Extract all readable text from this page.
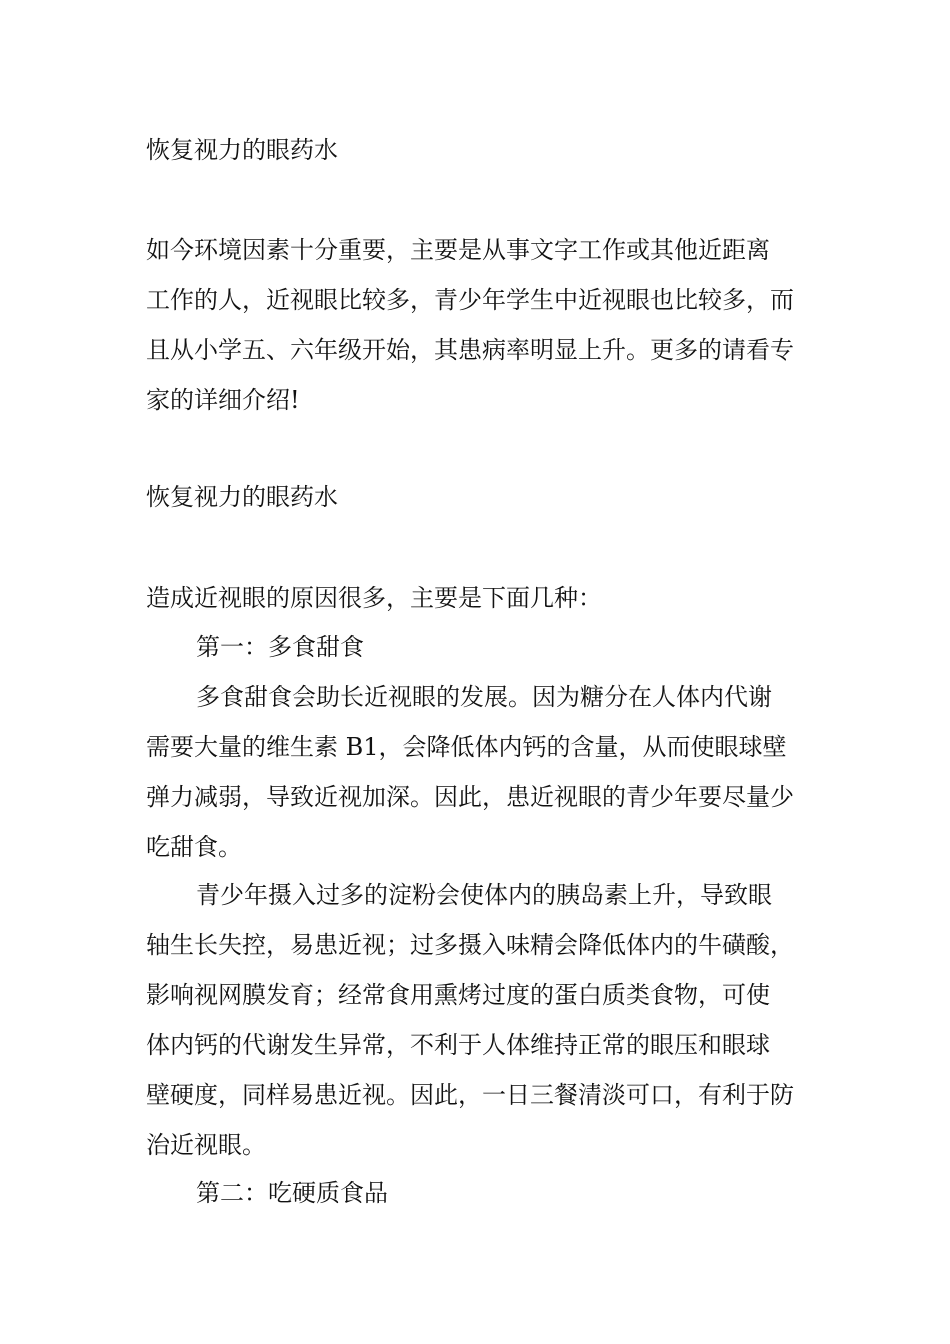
恢复视力的眼药水

如今环境因素十分重要，主要是从事文字工作或其他近距离

工作的人，近视眼比较多，青少年学生中近视眼也比较多，而

且从小学五、六年级开始，其患病率明显上升。更多的请看专

家的详细介绍!

恢复视力的眼药水

造成近视眼的原因很多，主要是下面几种：

第一：多食甜食

多食甜食会助长近视眼的发展。因为糖分在人体内代谢

需要大量的维生素 B1，会降低体内钙的含量，从而使眼球壁

弹力减弱，导致近视加深。因此，患近视眼的青少年要尽量少

吃甜食。

青少年摄入过多的淀粉会使体内的胰岛素上升，导致眼

轴生长失控，易患近视；过多摄入味精会降低体内的牛磺酸，

影响视网膜发育；经常食用熏烤过度的蛋白质类食物，可使

体内钙的代谢发生异常，不利于人体维持正常的眼压和眼球

壁硬度，同样易患近视。因此，一日三餐清淡可口，有利于防

治近视眼。

第二：吃硬质食品
